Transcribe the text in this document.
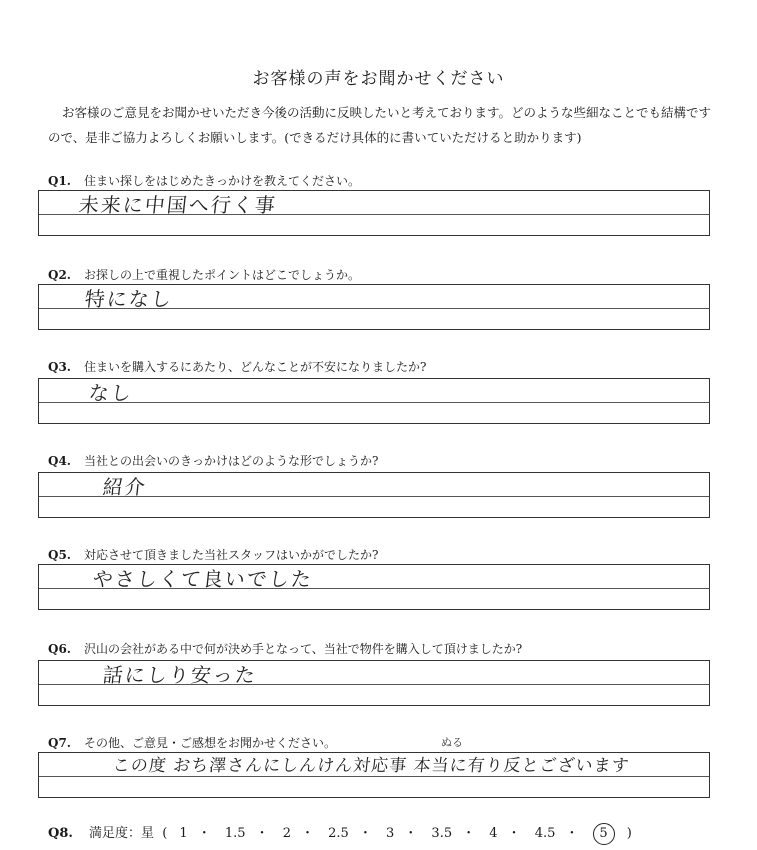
お客様の声をお聞かせください
お客様のご意見をお聞かせいただき今後の活動に反映したいと考えております。どのような些細なことでも結構ですので、是非ご協力よろしくお願いします。(できるだけ具体的に書いていただけると助かります)
Q1. 住まい探しをはじめたきっかけを教えてください。
未来に中国へ行く事
Q2. お探しの上で重視したポイントはどこでしょうか。
特になし
Q3. 住まいを購入するにあたり、どんなことが不安になりましたか?
なし
Q4. 当社との出会いのきっかけはどのような形でしょうか?
紹介
Q5. 対応させて頂きました当社スタッフはいかがでしたか?
やさしくて良いでした
Q6. 沢山の会社がある中で何が決め手となって、当社で物件を購入して頂けましたか?
話にしり安った
Q7. その他、ご意見・ご感想をお聞かせください。	ぬる
この度 おち澤さんにしんけん対応事 本当に有り反とございます
Q8. 満足度：星 ( 1 ・ 1.5 ・ 2 ・ 2.5 ・ 3 ・ 3.5 ・ 4 ・ 4.5 ・ 5 )
